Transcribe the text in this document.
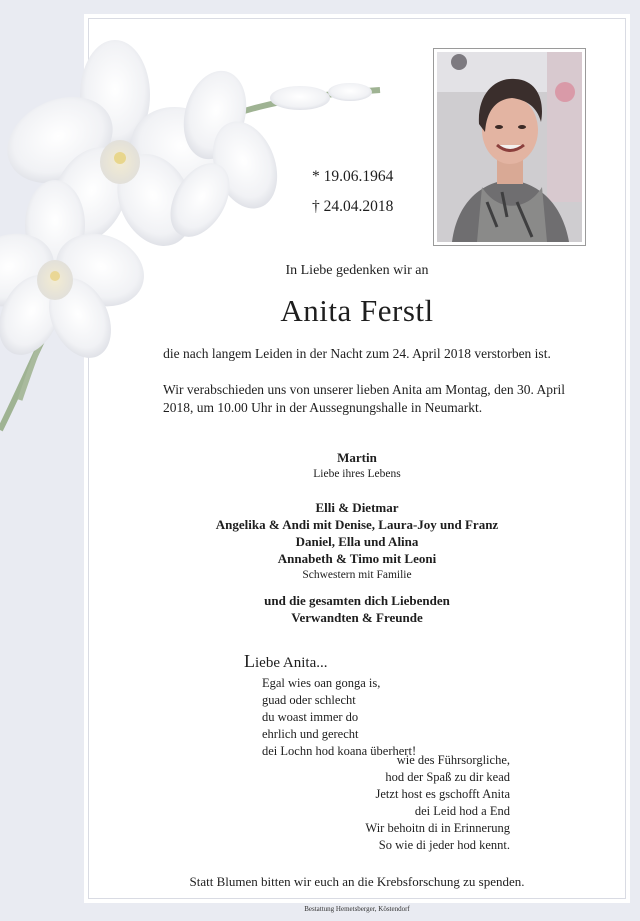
* 19.06.1964
† 24.04.2018
In Liebe gedenken wir an
Anita Ferstl
die nach langem Leiden in der Nacht zum 24. April 2018 verstorben ist.
Wir verabschieden uns von unserer lieben Anita am Montag, den 30. April 2018, um 10.00 Uhr in der Aussegnungshalle in Neumarkt.
Martin
Liebe ihres Lebens
Elli & Dietmar
Angelika & Andi mit Denise, Laura-Joy und Franz
Daniel, Ella und Alina
Annabeth & Timo mit Leoni
Schwestern mit Familie
und die gesamten dich Liebenden
Verwandten & Freunde
Liebe Anita...
Egal wies oan gonga is,
guad oder schlecht
du woast immer do
ehrlich und gerecht
dei Lochn hod koana überhert!
wie des Führsorgliche,
hod der Spaß zu dir kead
Jetzt host es gschofft Anita
dei Leid hod a End
Wir behoitn di in Erinnerung
So wie di jeder hod kennt.
Statt Blumen bitten wir euch an die Krebsforschung zu spenden.
Bestattung Hemetsberger, Köstendorf
